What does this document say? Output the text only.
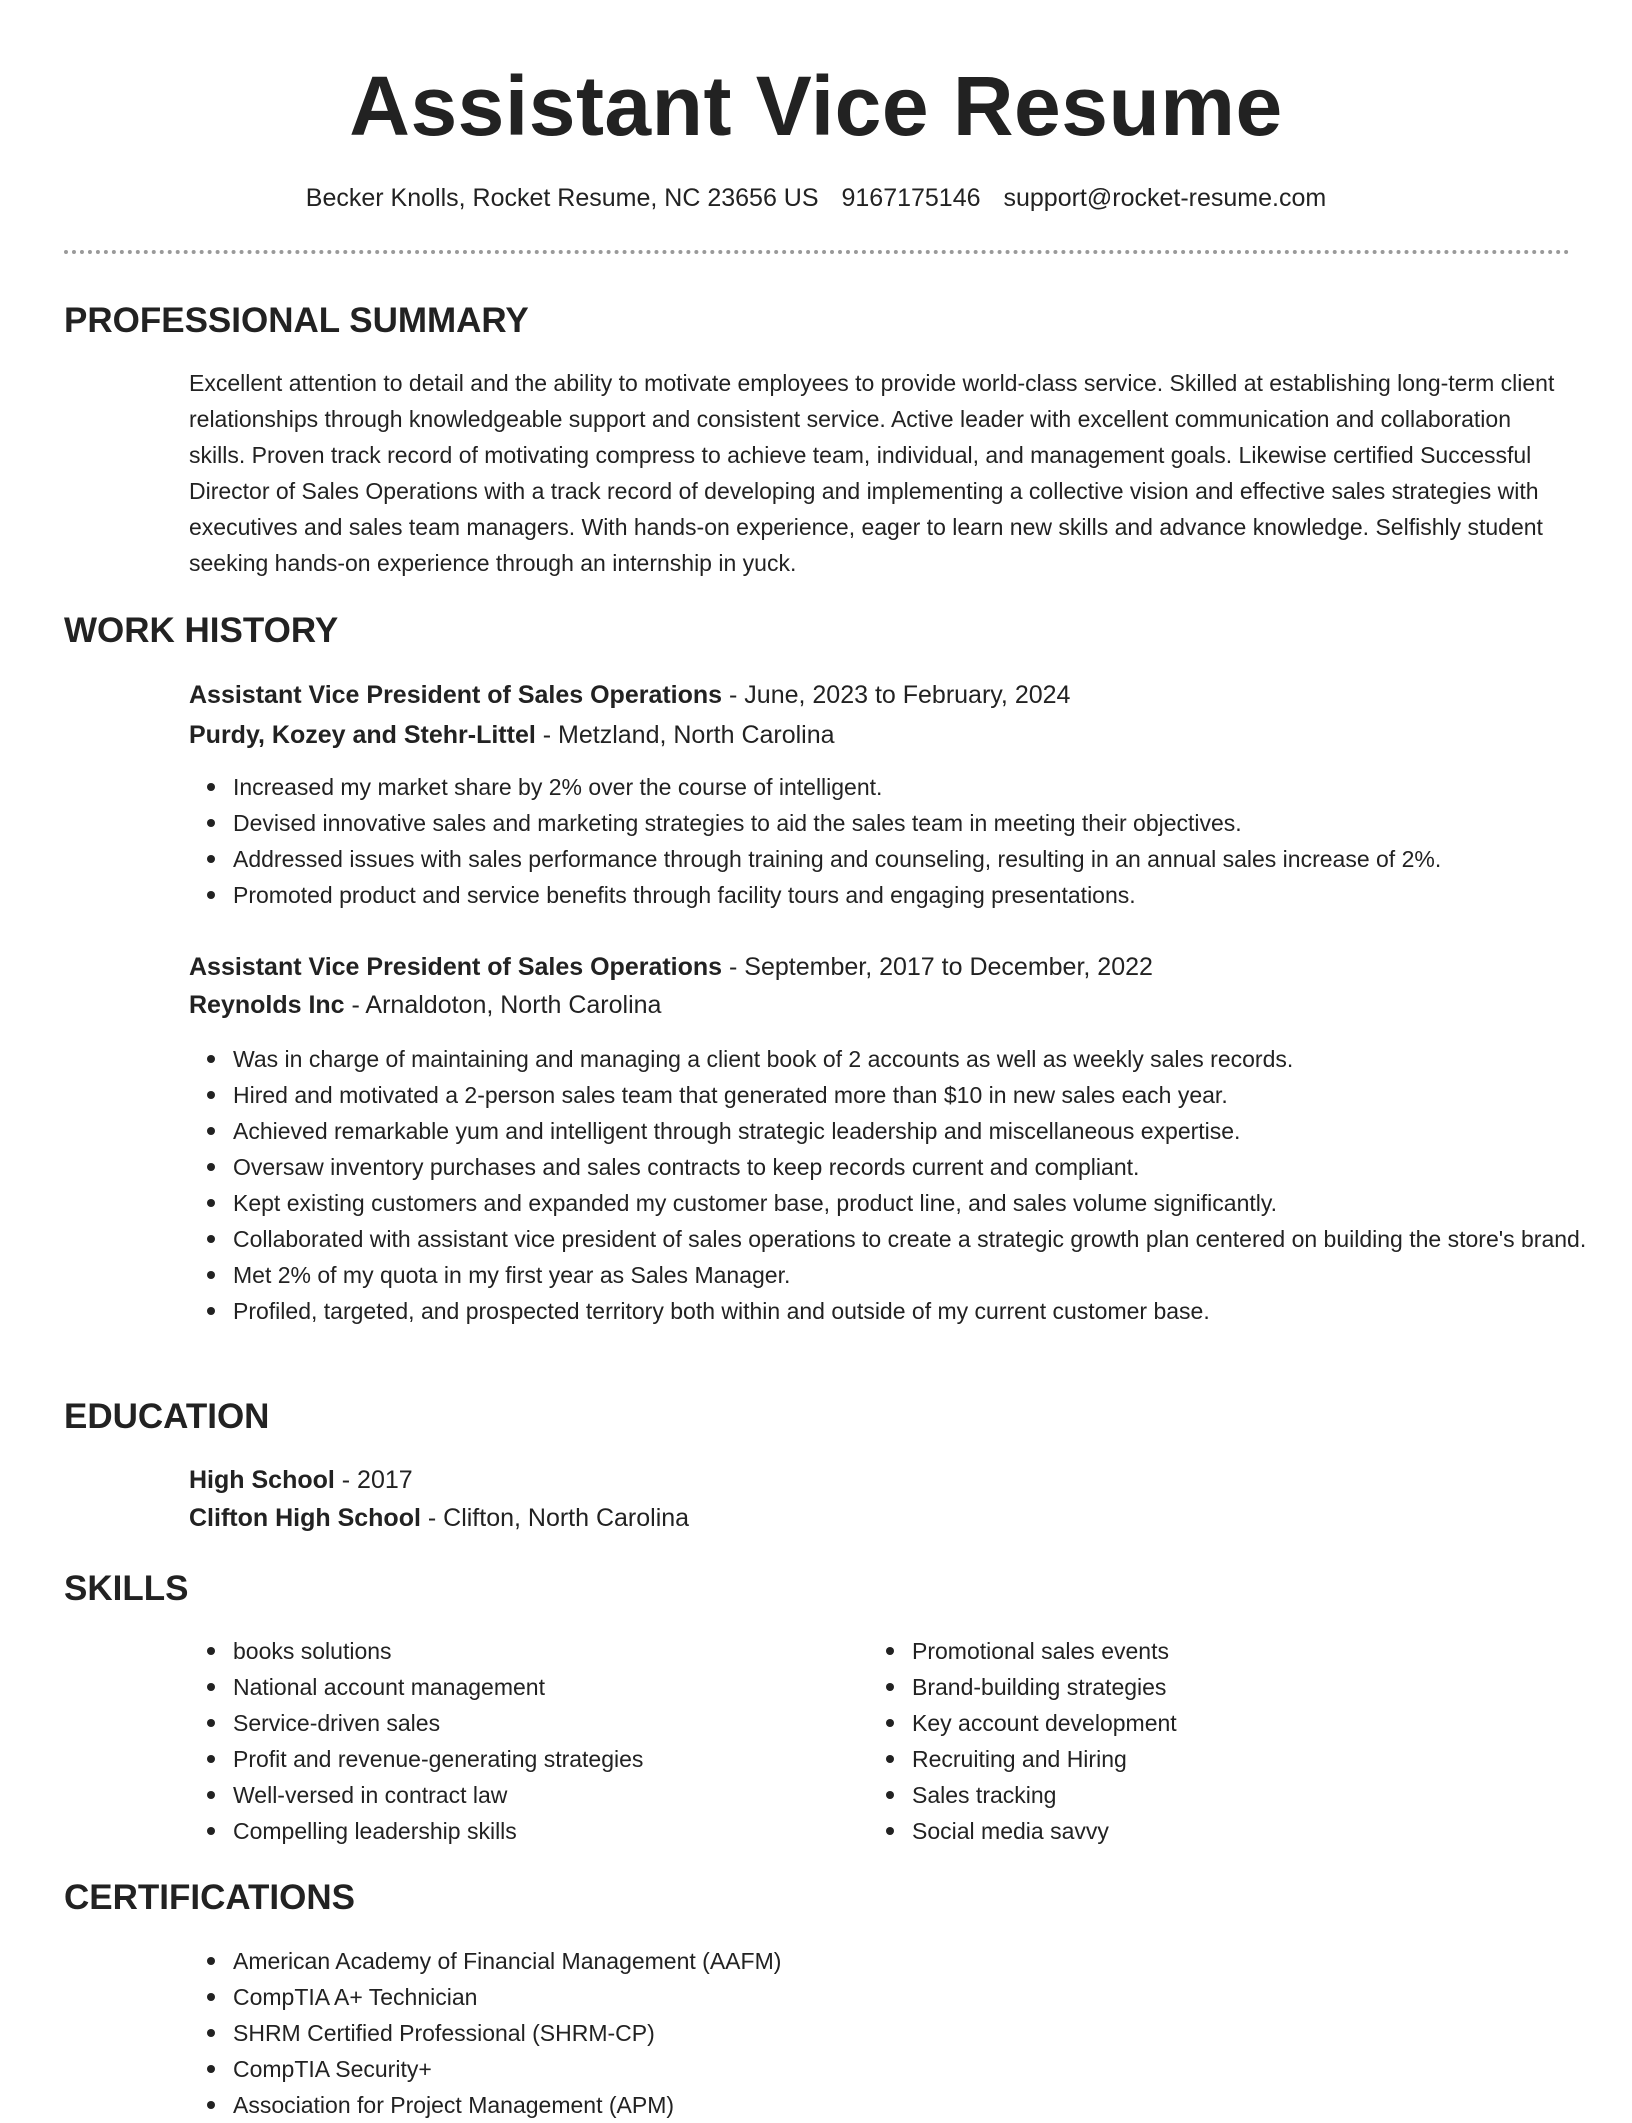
Assistant Vice Resume
Becker Knolls, Rocket Resume, NC 23656 US 9167175146 support@rocket-resume.com
PROFESSIONAL SUMMARY

Excellent attention to detail and the ability to motivate employees to provide world-class service. Skilled at establishing long-term client relationships through knowledgeable support and consistent service. Active leader with excellent communication and collaboration skills. Proven track record of motivating compress to achieve team, individual, and management goals. Likewise certified Successful Director of Sales Operations with a track record of developing and implementing a collective vision and effective sales strategies with executives and sales team managers. With hands-on experience, eager to learn new skills and advance knowledge. Selfishly student seeking hands-on experience through an internship in yuck.

WORK HISTORY
Assistant Vice President of Sales Operations - June, 2023 to February, 2024
Purdy, Kozey and Stehr-Littel - Metzland, North Carolina
Increased my market share by 2% over the course of intelligent.
Devised innovative sales and marketing strategies to aid the sales team in meeting their objectives.
Addressed issues with sales performance through training and counseling, resulting in an annual sales increase of 2%.
Promoted product and service benefits through facility tours and engaging presentations.
Assistant Vice President of Sales Operations - September, 2017 to December, 2022
Reynolds Inc - Arnaldoton, North Carolina
Was in charge of maintaining and managing a client book of 2 accounts as well as weekly sales records.
Hired and motivated a 2-person sales team that generated more than $10 in new sales each year.
Achieved remarkable yum and intelligent through strategic leadership and miscellaneous expertise.
Oversaw inventory purchases and sales contracts to keep records current and compliant.
Kept existing customers and expanded my customer base, product line, and sales volume significantly.
Collaborated with assistant vice president of sales operations to create a strategic growth plan centered on building the store's brand.
Met 2% of my quota in my first year as Sales Manager.
Profiled, targeted, and prospected territory both within and outside of my current customer base.
EDUCATION
High School - 2017
Clifton High School - Clifton, North Carolina
SKILLS
books solutions
National account management
Service-driven sales
Profit and revenue-generating strategies
Well-versed in contract law
Compelling leadership skills
Promotional sales events
Brand-building strategies
Key account development
Recruiting and Hiring
Sales tracking
Social media savvy
CERTIFICATIONS
American Academy of Financial Management (AAFM)
CompTIA A+ Technician
SHRM Certified Professional (SHRM-CP)
CompTIA Security+
Association for Project Management (APM)
